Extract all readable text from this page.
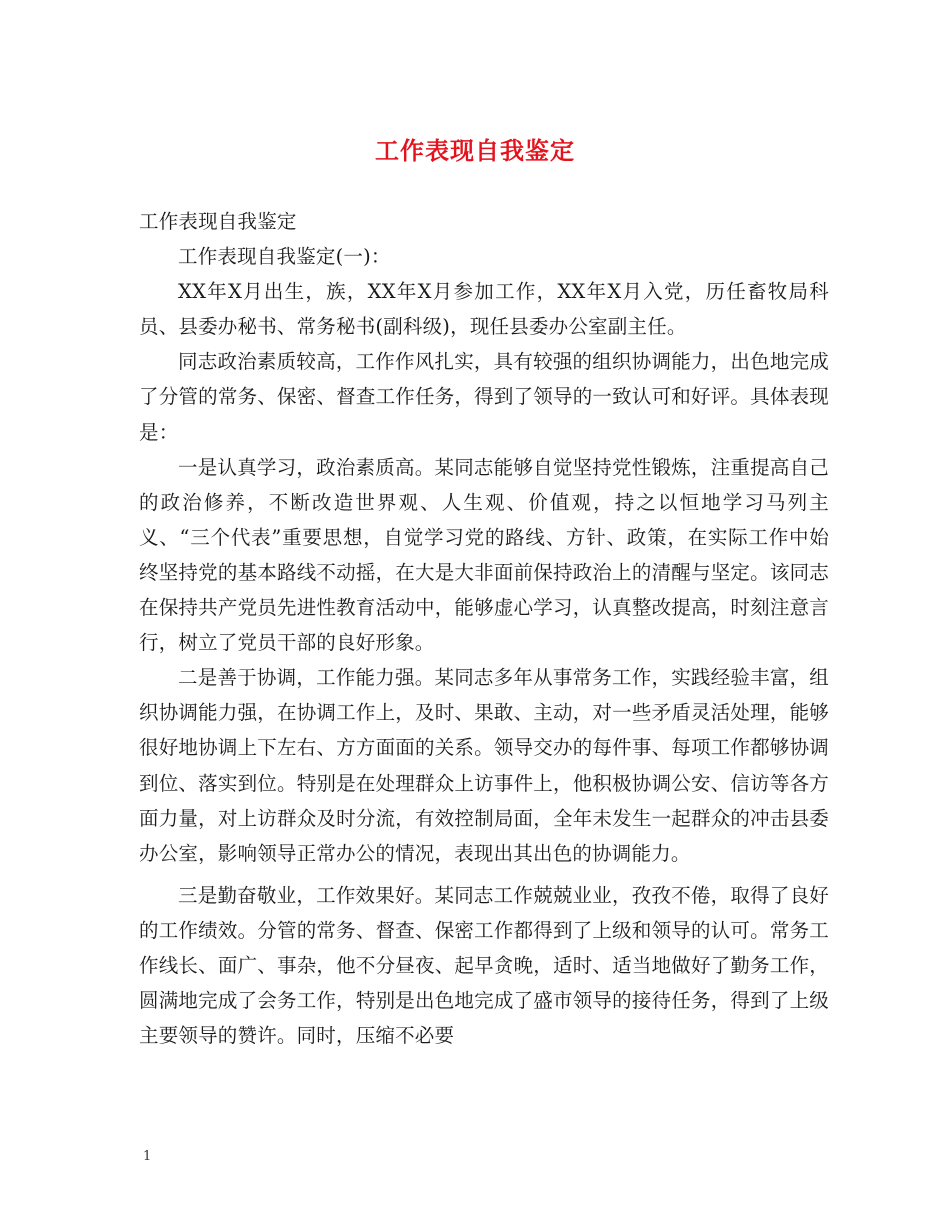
工作表现自我鉴定

工作表现自我鉴定

工作表现自我鉴定(一)：

XX年X月出生，族，XX年X月参加工作，XX年X月入党，历任畜牧局科员、县委办秘书、常务秘书(副科级)，现任县委办公室副主任。

同志政治素质较高，工作作风扎实，具有较强的组织协调能力，出色地完成了分管的常务、保密、督查工作任务，得到了领导的一致认可和好评。具体表现是：

一是认真学习，政治素质高。某同志能够自觉坚持党性锻炼，注重提高自己的政治修养，不断改造世界观、人生观、价值观，持之以恒地学习马列主义、“三个代表”重要思想，自觉学习党的路线、方针、政策，在实际工作中始终坚持党的基本路线不动摇，在大是大非面前保持政治上的清醒与坚定。该同志在保持共产党员先进性教育活动中，能够虚心学习，认真整改提高，时刻注意言行，树立了党员干部的良好形象。

二是善于协调，工作能力强。某同志多年从事常务工作，实践经验丰富，组织协调能力强，在协调工作上，及时、果敢、主动，对一些矛盾灵活处理，能够很好地协调上下左右、方方面面的关系。领导交办的每件事、每项工作都够协调到位、落实到位。特别是在处理群众上访事件上，他积极协调公安、信访等各方面力量，对上访群众及时分流，有效控制局面，全年未发生一起群众的冲击县委办公室，影响领导正常办公的情况，表现出其出色的协调能力。

三是勤奋敬业，工作效果好。某同志工作兢兢业业，孜孜不倦，取得了良好的工作绩效。分管的常务、督查、保密工作都得到了上级和领导的认可。常务工作线长、面广、事杂，他不分昼夜、起早贪晚，适时、适当地做好了勤务工作，圆满地完成了会务工作，特别是出色地完成了盛市领导的接待任务，得到了上级主要领导的赞许。同时，压缩不必要

1
